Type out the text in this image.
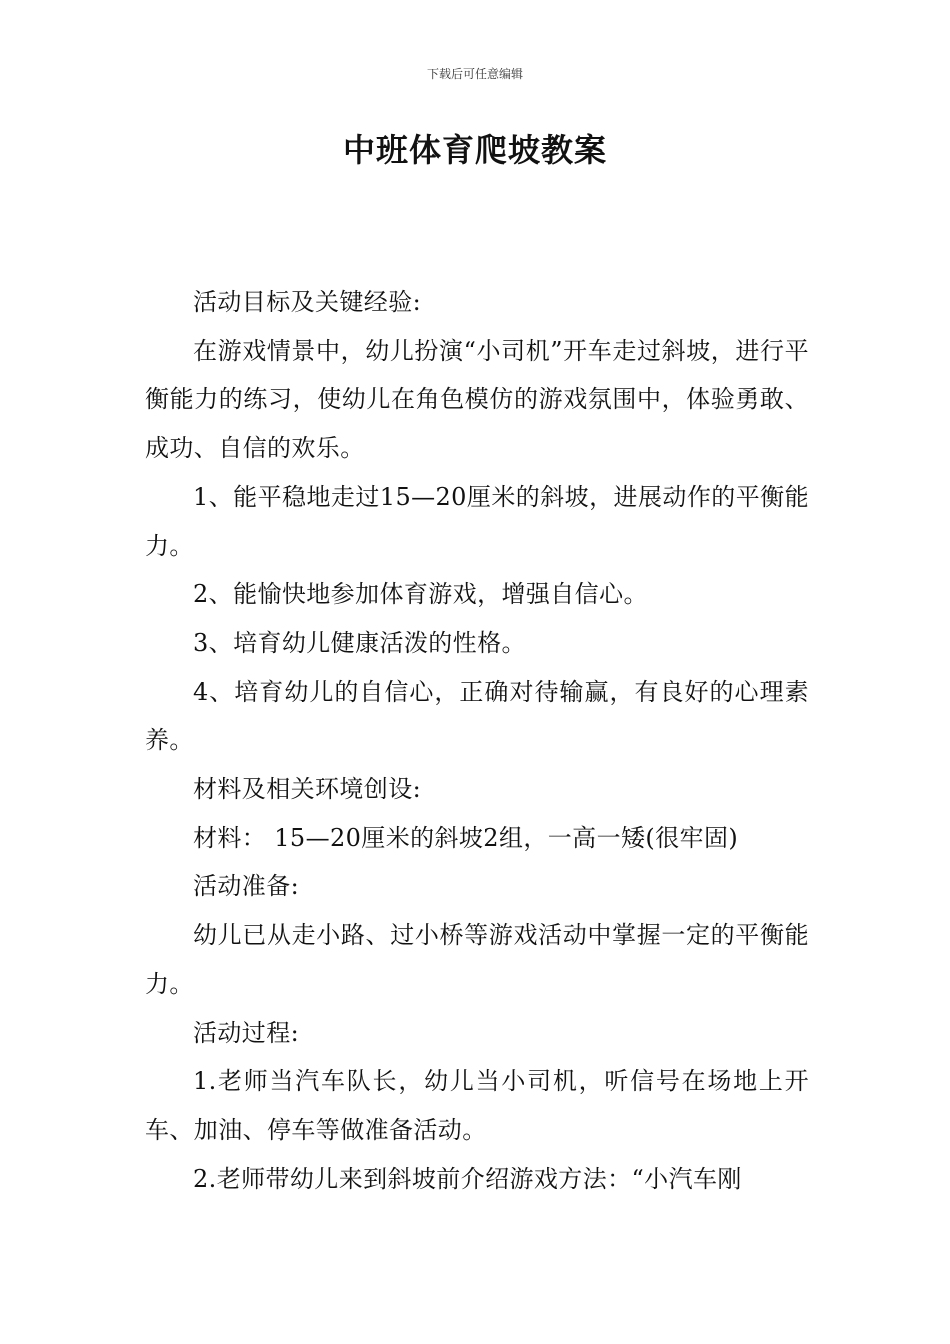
下载后可任意编辑
中班体育爬坡教案

活动目标及关键经验:

在游戏情景中，幼儿扮演“小司机”开车走过斜坡，进行平衡能力的练习，使幼儿在角色模仿的游戏氛围中，体验勇敢、成功、自信的欢乐。

1、能平稳地走过15—20厘米的斜坡，进展动作的平衡能力。

2、能愉快地参加体育游戏，增强自信心。

3、培育幼儿健康活泼的性格。

4、培育幼儿的自信心，正确对待输赢，有良好的心理素养。

材料及相关环境创设:

材料： 15—20厘米的斜坡2组，一高一矮(很牢固)

活动准备:

幼儿已从走小路、过小桥等游戏活动中掌握一定的平衡能力。

活动过程:

1.老师当汽车队长，幼儿当小司机，听信号在场地上开车、加油、停车等做准备活动。

2.老师带幼儿来到斜坡前介绍游戏方法：“小汽车刚
